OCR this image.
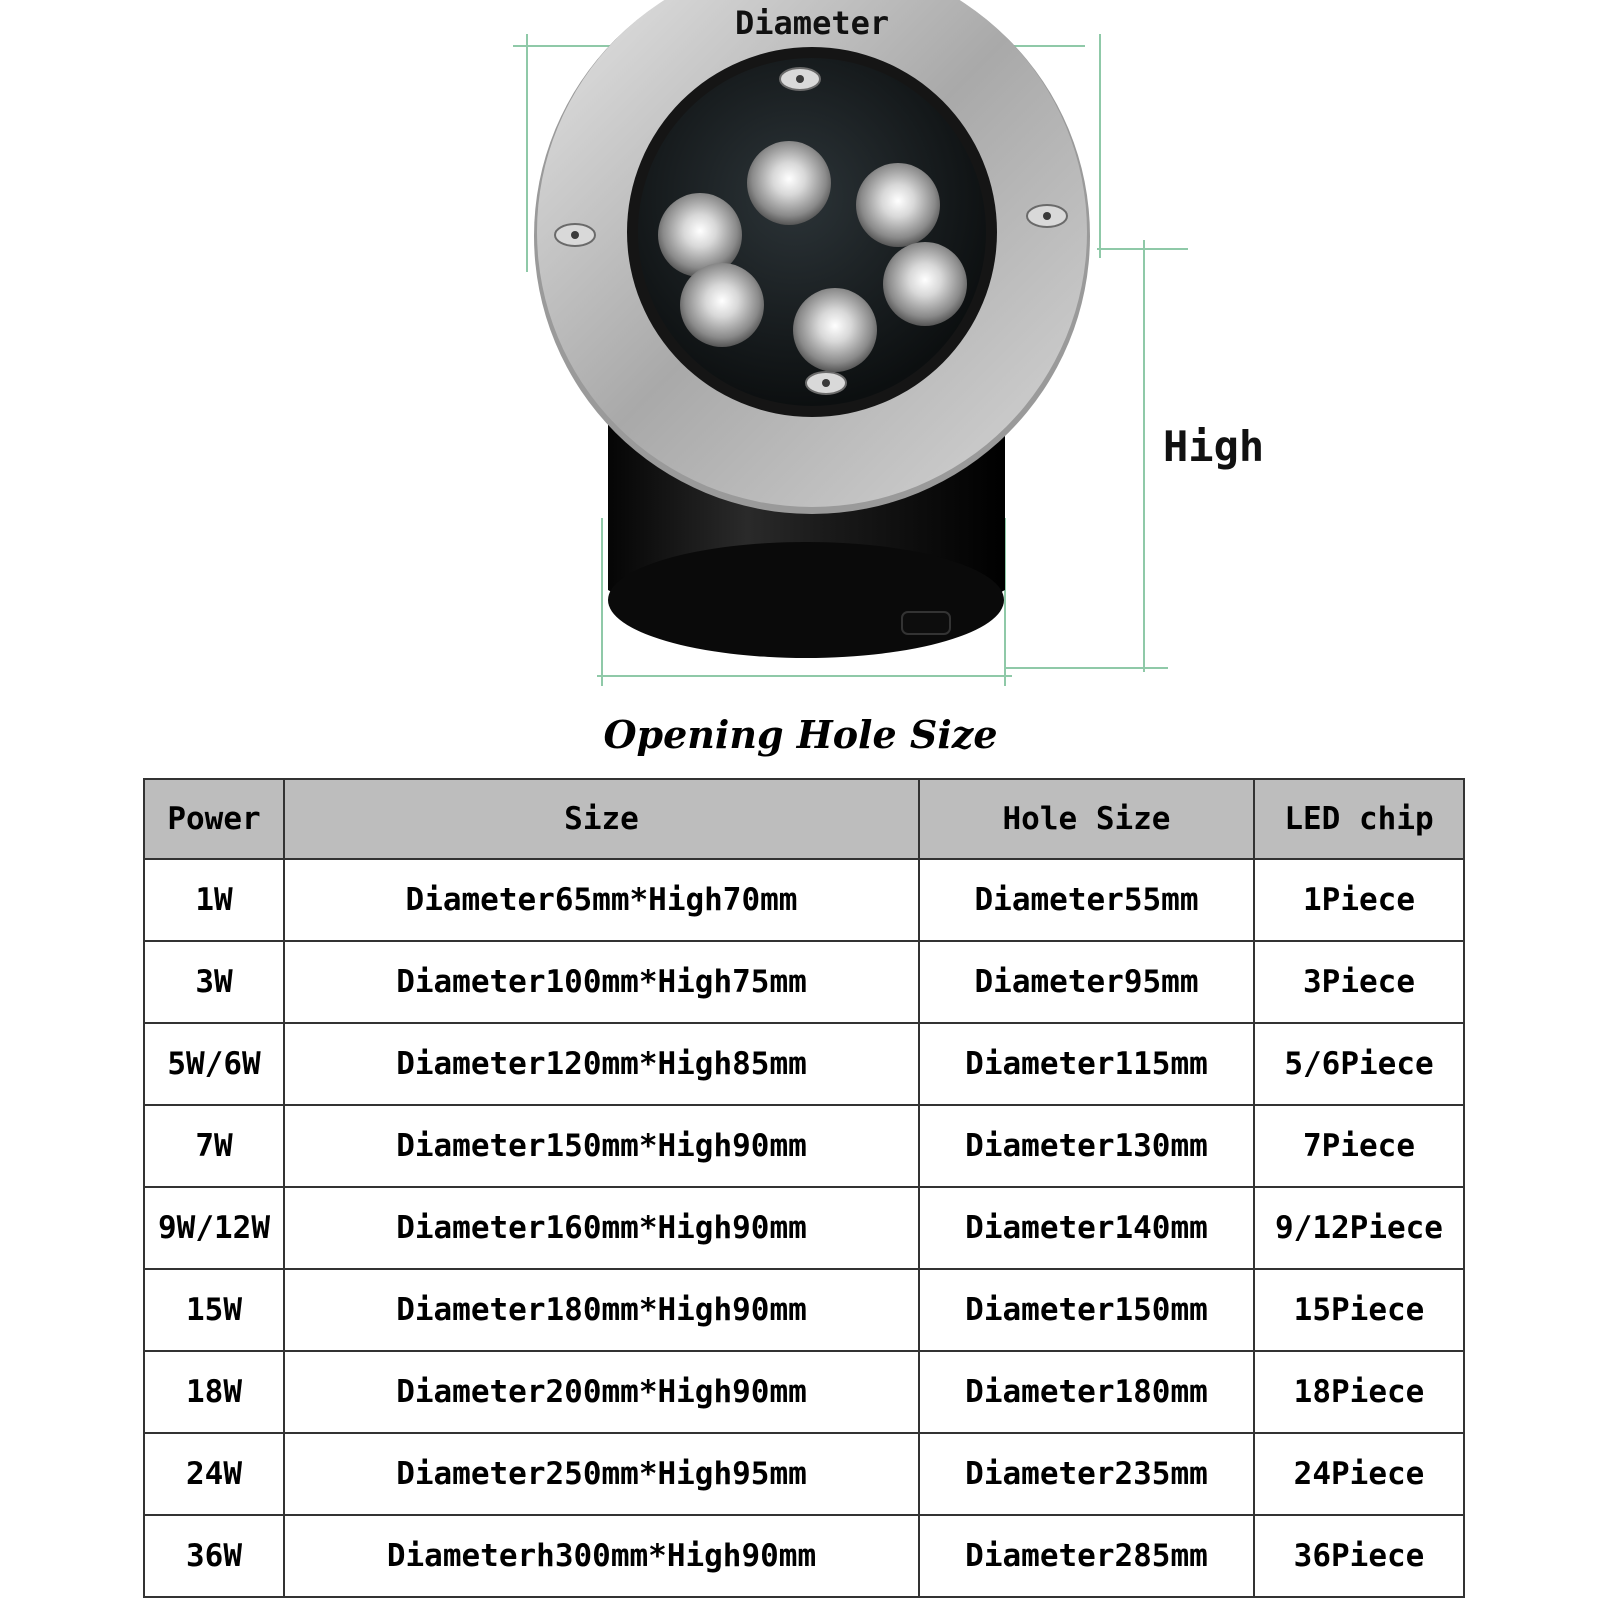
Diameter
High
Opening Hole Size
Power	Size	Hole Size	LED chip
1W	Diameter65mm*High70mm	Diameter55mm	1Piece
3W	Diameter100mm*High75mm	Diameter95mm	3Piece
5W/6W	Diameter120mm*High85mm	Diameter115mm	5/6Piece
7W	Diameter150mm*High90mm	Diameter130mm	7Piece
9W/12W	Diameter160mm*High90mm	Diameter140mm	9/12Piece
15W	Diameter180mm*High90mm	Diameter150mm	15Piece
18W	Diameter200mm*High90mm	Diameter180mm	18Piece
24W	Diameter250mm*High95mm	Diameter235mm	24Piece
36W	Diameterh300mm*High90mm	Diameter285mm	36Piece
